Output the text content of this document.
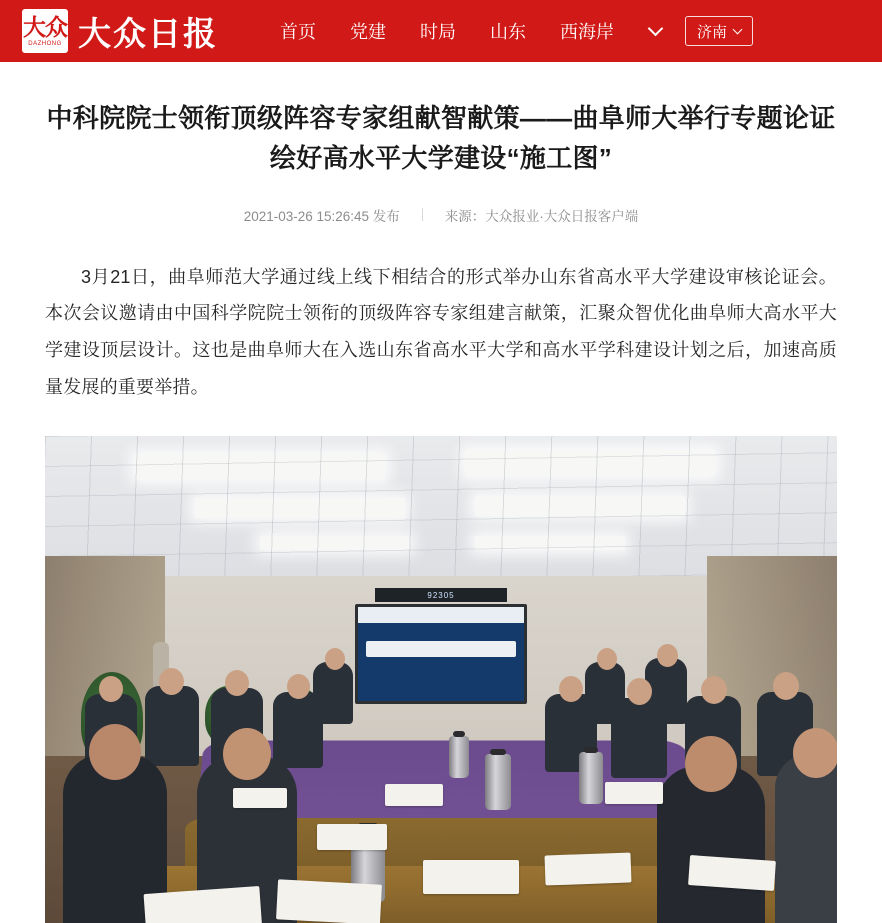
大众
DAZHONG 大众日报	首页 党建 时局 山东 西海岸	济南
中科院院士领衔顶级阵容专家组献智献策——曲阜师大举行专题论证绘好高水平大学建设“施工图”
2021-03-26 15:26:45 发布	来源：大众报业·大众日报客户端

3月21日，曲阜师范大学通过线上线下相结合的形式举办山东省高水平大学建设审核论证会。本次会议邀请由中国科学院院士领衔的顶级阵容专家组建言献策，汇聚众智优化曲阜师大高水平大学建设顶层设计。这也是曲阜师大在入选山东省高水平大学和高水平学科建设计划之后，加速高质量发展的重要举措。

92305
